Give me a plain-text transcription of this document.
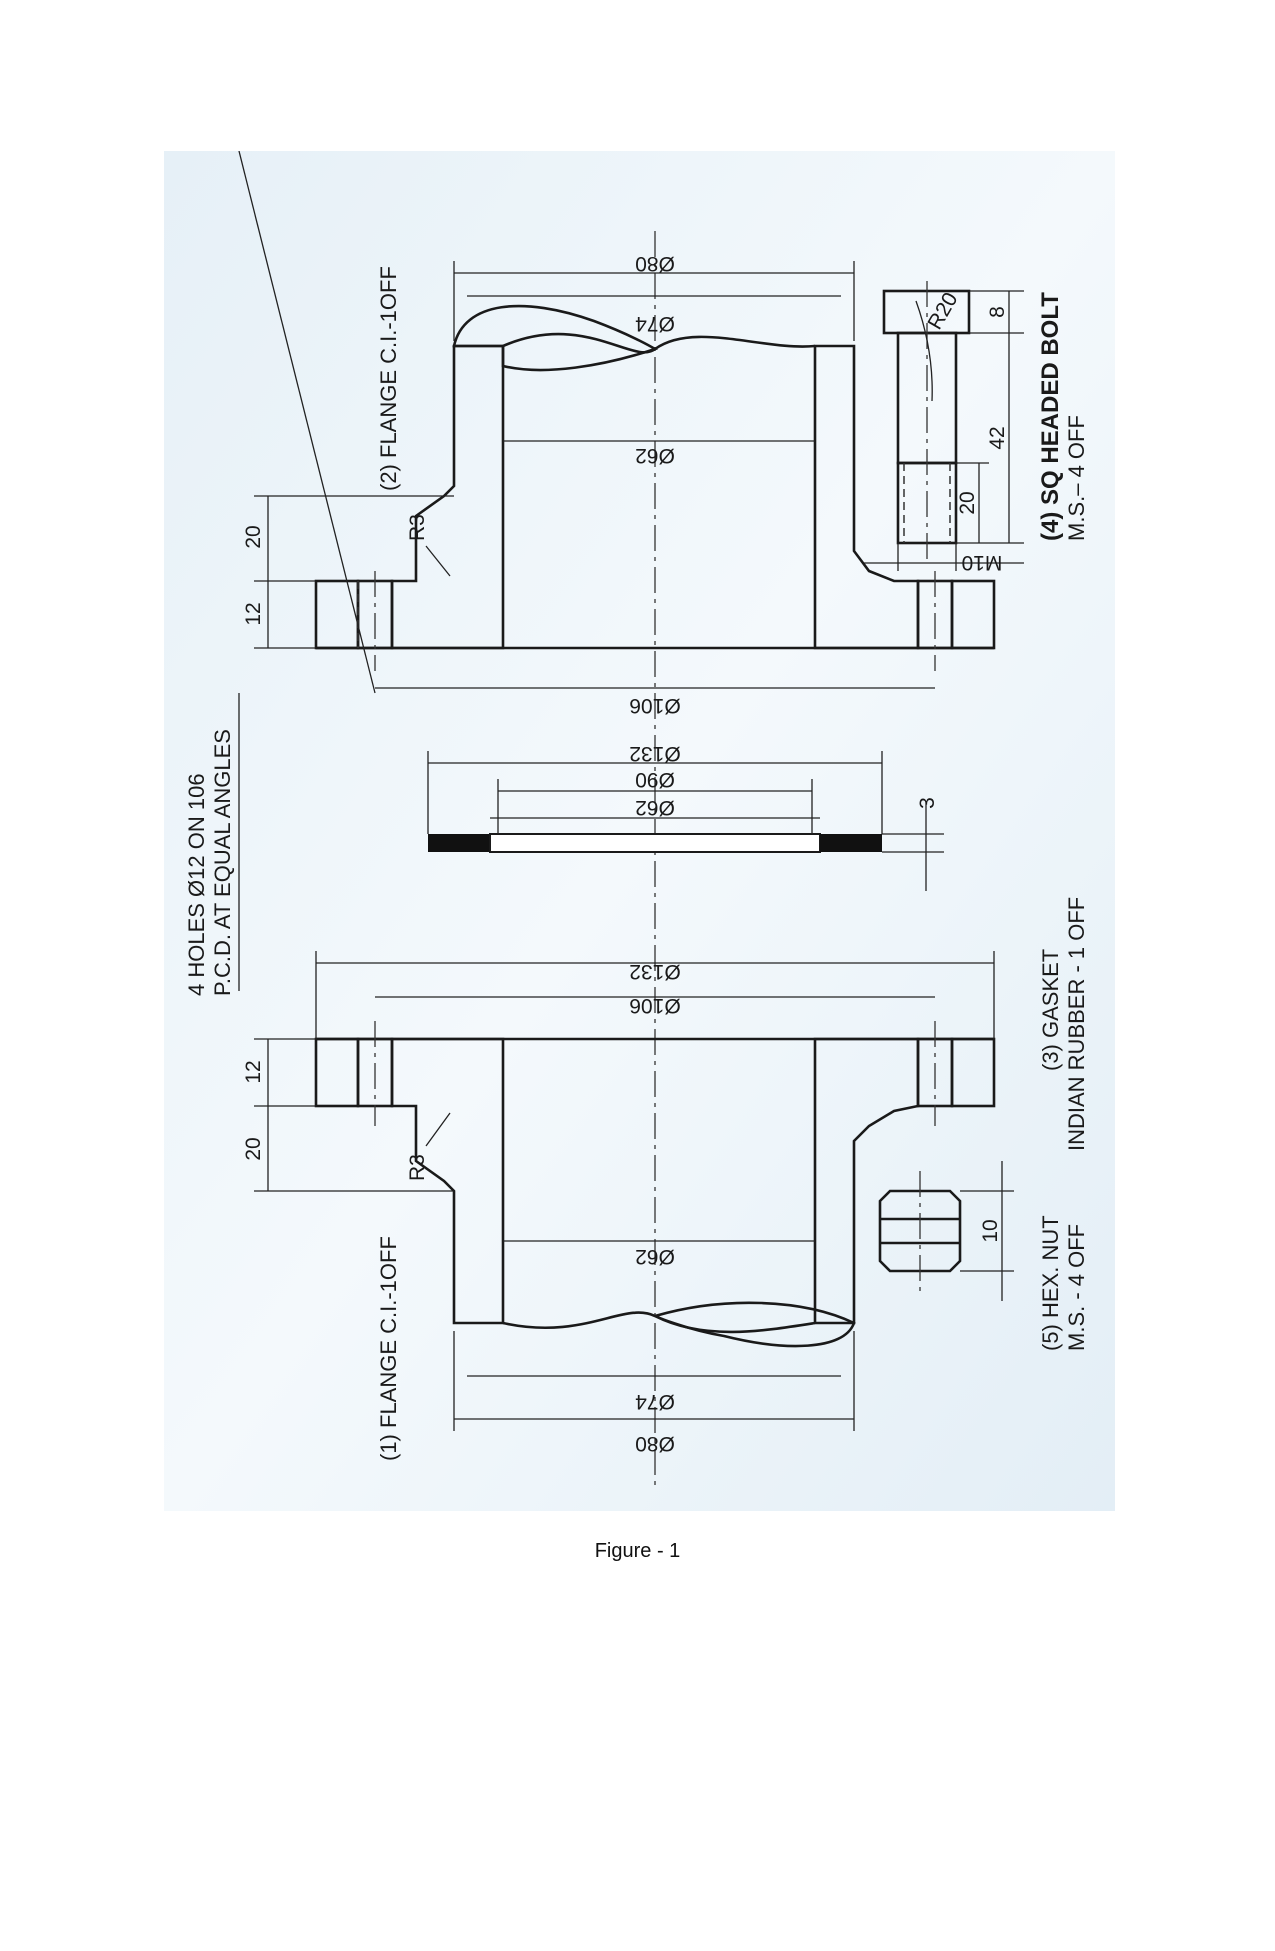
Ø80
Ø74
Ø62
Ø106
20
12
R3
(2) FLANGE C.I.-1OFF
Ø132
Ø90
Ø62	3
4 HOLES Ø12 ON 106 P.C.D. AT EQUAL ANGLES
(3) GASKET INDIAN RUBBER - 1 OFF
Ø132
Ø106
Ø62
Ø74
Ø80
12
20
R3
(1) FLANGE C.I.-1OFF
R20 8
42
20
M10
(4) SQ HEADED BOLT M.S.– 4 OFF
10 (5) HEX. NUT M.S. - 4 OFF
Figure - 1
